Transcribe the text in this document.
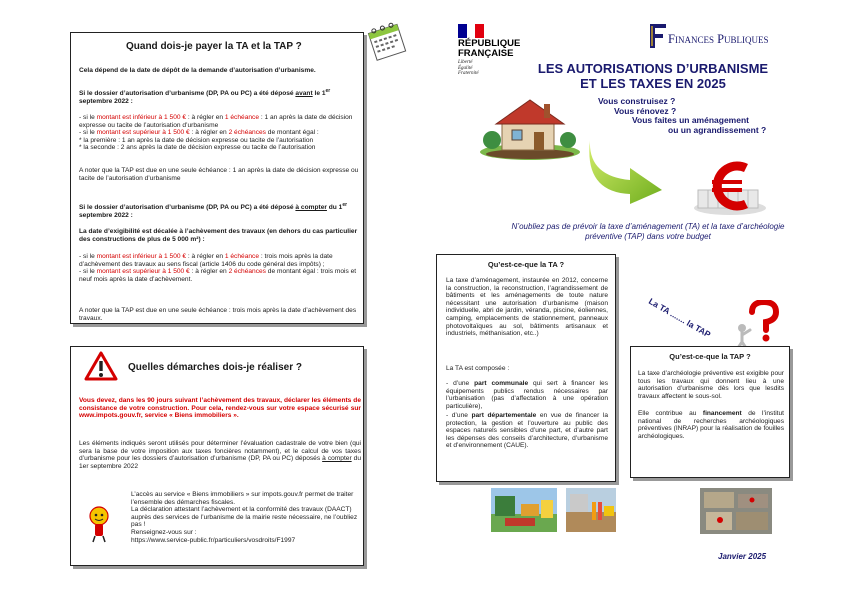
Quand dois-je payer la TA et la TAP ?

Cela dépend de la date de dépôt de la demande d’autorisation d’urbanisme.

Si le dossier d’autorisation d’urbanisme (DP, PA ou PC) a été déposé avant le 1er septembre 2022 :

- si le montant est inférieur à 1 500 € : à régler en 1 échéance : 1 an après la date de décision expresse ou tacite de l’autorisation d’urbanisme
- si le montant est supérieur à 1 500 € : à régler en 2 échéances de montant égal :
* la première : 1 an après la date de décision expresse ou tacite de l’autorisation
* la seconde : 2 ans après la date de décision expresse ou tacite de l’autorisation

A noter que la TAP est due en une seule échéance : 1 an après la date de décision expresse ou tacite de l’autorisation d’urbanisme

Si le dossier d’autorisation d’urbanisme (DP, PA ou PC) a été déposé à compter du 1er septembre 2022 :

La date d’exigibilité est décalée à l’achèvement des travaux (en dehors du cas particulier des constructions de plus de 5 000 m²) :

- si le montant est inférieur à 1 500 € : à régler en 1 échéance : trois mois après la date d’achèvement des travaux au sens fiscal (article 1406 du code général des impôts) ;
- si le montant est supérieur à 1 500 € : à régler en 2 échéances de montant égal : trois mois et neuf mois après la date d’achèvement.

A noter que la TAP est due en une seule échéance : trois mois après la date d’achèvement des travaux.

Quelles démarches dois-je réaliser ?

Vous devez, dans les 90 jours suivant l’achèvement des travaux, déclarer les éléments de consistance de votre construction. Pour cela, rendez-vous sur votre espace sécurisé sur www.impots.gouv.fr, service « Biens immobiliers ».

Les éléments indiqués seront utilisés pour déterminer l’évaluation cadastrale de votre bien (qui sera la base de votre imposition aux taxes foncières notamment), et le calcul de vos taxes d’urbanisme pour les dossiers d’autorisation d’urbanisme (DP, PA ou PC) déposés à compter du 1er septembre 2022

L’accès au service « Biens immobiliers » sur impots.gouv.fr permet de traiter l’ensemble des démarches fiscales.
La déclaration attestant l’achèvement et la conformité des travaux (DAACT) auprès des services de l’urbanisme de la mairie reste nécessaire, ne l’oubliez pas !
Renseignez-vous sur :
https://www.service-public.fr/particuliers/vosdroits/F1997

RÉPUBLIQUE
FRANÇAISE
Liberté
Égalité
Fraternité
Finances Publiques
LES AUTORISATIONS D’URBANISME
ET LES TAXES EN 2025
Vous construisez ?
Vous rénovez ?
Vous faites un aménagement
ou un agrandissement ?

N’oubliez pas de prévoir la taxe d’aménagement (TA) et la taxe d’archéologie préventive (TAP) dans votre budget

Qu’est-ce-que la TA ?

La taxe d’aménagement, instaurée en 2012, concerne la construction, la reconstruction, l’agrandissement de bâtiments et les aménagements de toute nature nécessitant une autorisation d’urbanisme (maison individuelle, abri de jardin, véranda, piscine, éoliennes, camping, emplacements de stationnement, panneaux photovoltaïques au sol, bâtiments artisanaux et industriels, méthanisation, etc..)

La TA est composée :

- d’une part communale qui sert à financer les équipements publics rendus nécessaires par l’urbanisation (pas d’affectation à une opération particulière),

- d’une part départementale en vue de financer la protection, la gestion et l’ouverture au public des espaces naturels sensibles d’une part, et d’autre part les dépenses des conseils d’architecture, d’urbanisme et d’environnement (CAUE).

La TA ....... la TAP
Qu’est-ce-que la TAP ?

La taxe d’archéologie préventive est exigible pour tous les travaux qui donnent lieu à une autorisation d’urbanisme dès lors que lesdits travaux affectent le sous-sol.

Elle contribue au financement de l’institut national de recherches archéologiques préventives (INRAP) pour la réalisation de fouilles archéologiques.

Janvier 2025
